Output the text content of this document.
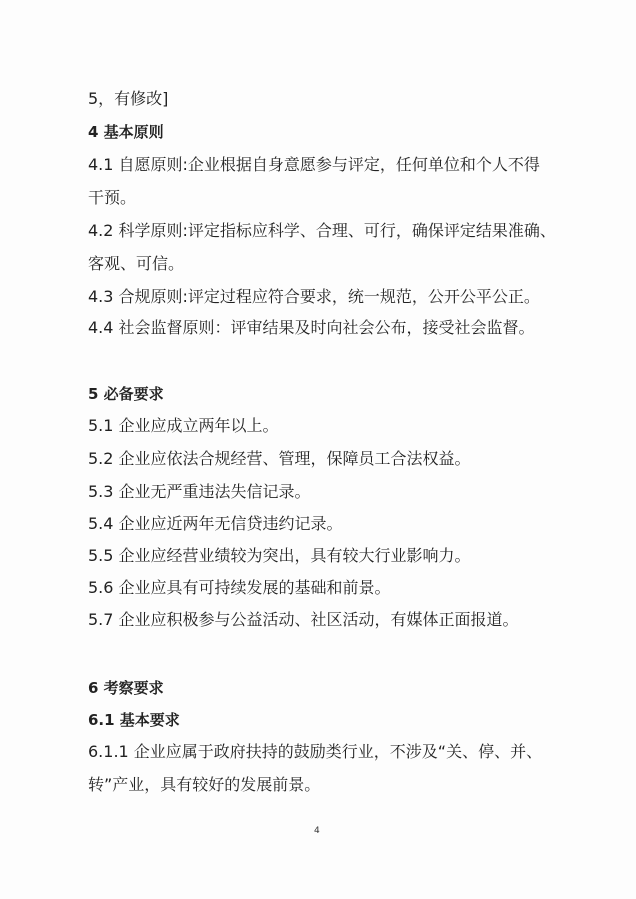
5，有修改]
4 基本原则
4.1 自愿原则:企业根据自身意愿参与评定，任何单位和个人不得
干预。
4.2 科学原则:评定指标应科学、合理、可行，确保评定结果准确、
客观、可信。
4.3 合规原则:评定过程应符合要求，统一规范，公开公平公正。
4.4 社会监督原则：评审结果及时向社会公布，接受社会监督。
5 必备要求
5.1 企业应成立两年以上。
5.2 企业应依法合规经营、管理，保障员工合法权益。
5.3 企业无严重违法失信记录。
5.4 企业应近两年无信贷违约记录。
5.5 企业应经营业绩较为突出，具有较大行业影响力。
5.6 企业应具有可持续发展的基础和前景。
5.7 企业应积极参与公益活动、社区活动，有媒体正面报道。
6 考察要求
6.1 基本要求
6.1.1 企业应属于政府扶持的鼓励类行业，不涉及“关、停、并、
转”产业，具有较好的发展前景。
4
